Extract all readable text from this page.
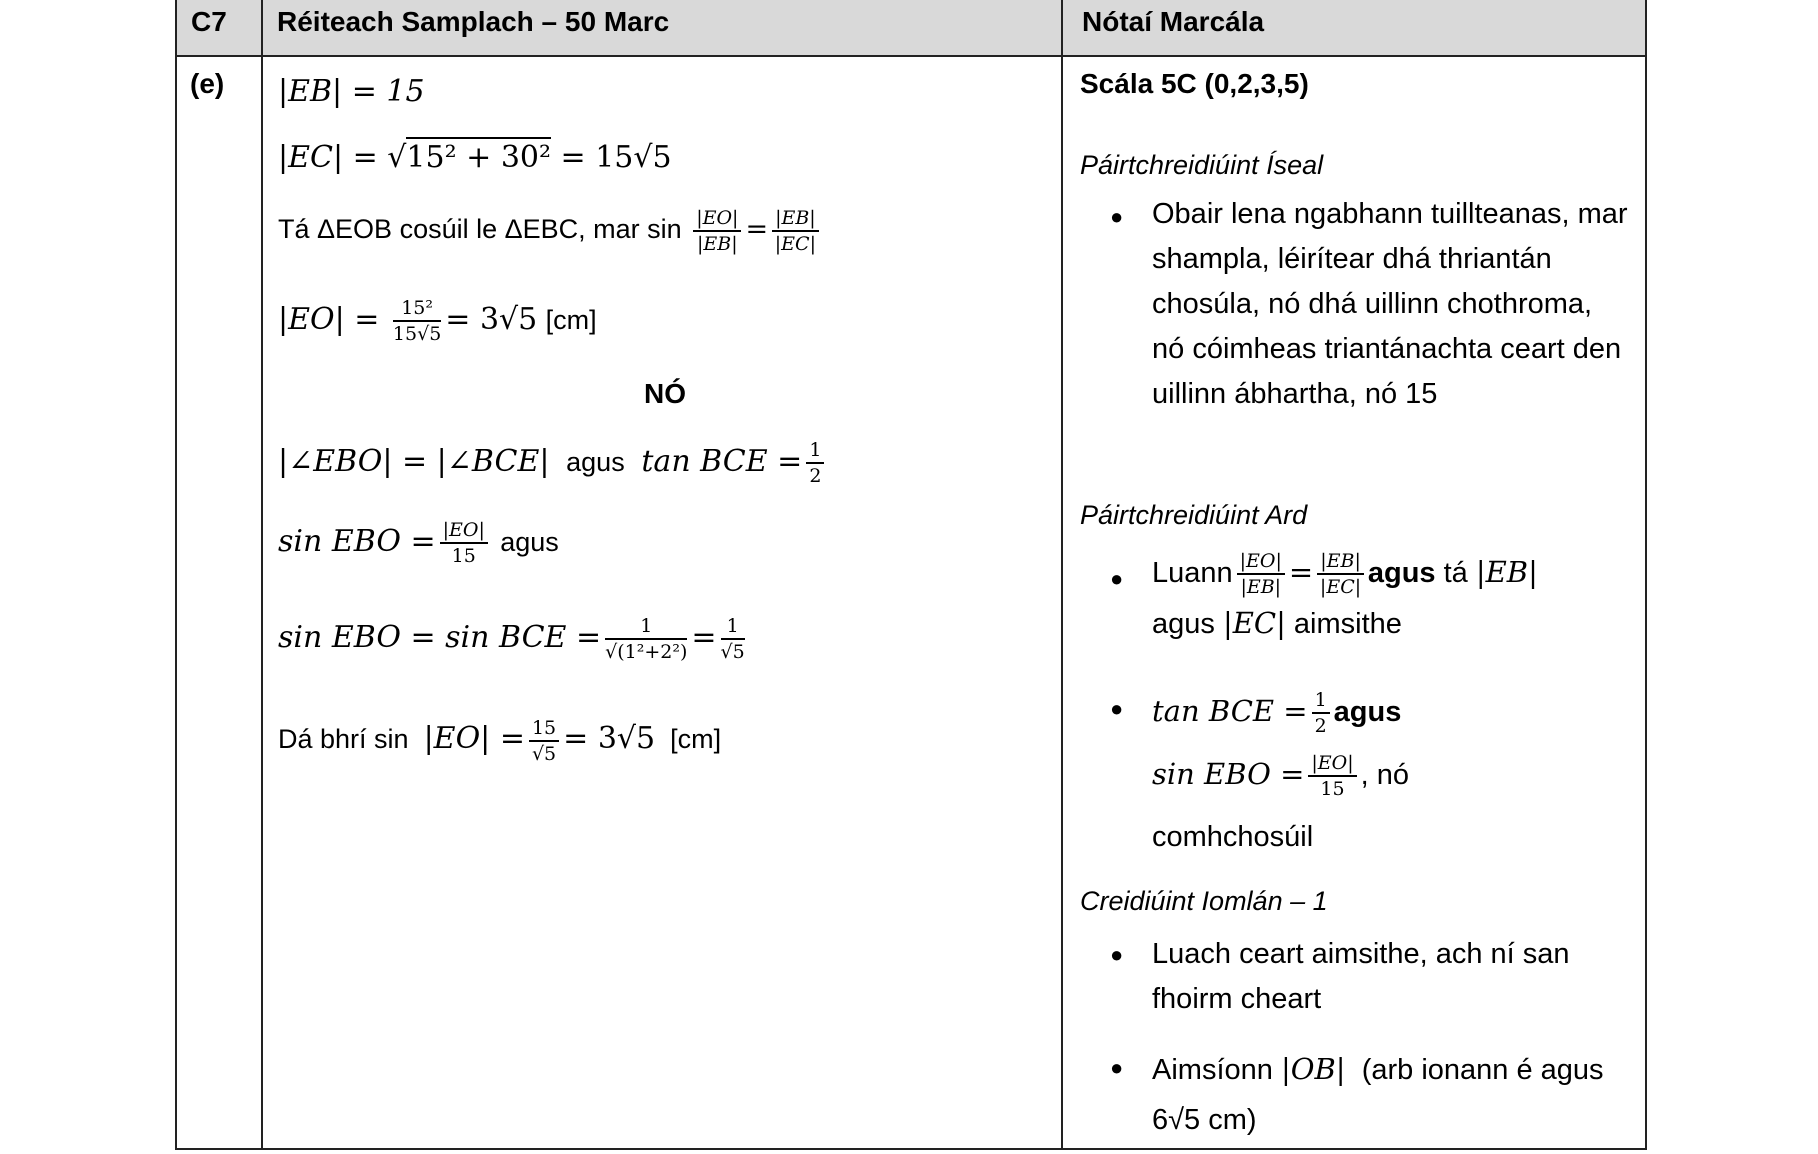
C7 Réiteach Samplach – 50 Marc	Nótaí Marcála
(e) |EB| = 15
|EC| = √15² + 30² = 15√5
Tá ΔEOB cosúil le ΔEBC, mar $\sin \frac{|EO|}{|EB|} = \frac{|EB|}{|EC|}$
$|EO| = \frac{\text{15²}}{15√5} = 3√5$ [cm]
NÓ
|∠EBO| = |∠BCE| agus tan BCE = $\frac{1}{2}$
sin EBO = $\frac{|EO|}{15}$ agus
sin EBO = sin BCE = $\frac{1}{\text{√(1²+2²)}} = \frac{1}{√5}$
Dá bhrí $\sin |EO| = \frac{15}{√5} = 3√5$ [cm]
Scála 5C (0,2,3,5)
Páirtchreidiúint Íseal
● Obair lena ngabhann tuillteanas, mar shampla, léirítear dhá thriantán chosúla, nó dhá uillinn chothroma, nó cóimheas triantánachta ceart den uillinn ábhartha, nó 15
Páirtchreidiúint Ard
● Luann $\frac{|EO|}{|EB|} = \frac{|EB|}{|EC|}$ agus tá |EB|
agus |EC| aimsithe
● tan BCE = $\frac{1}{2}$ agus
sin EBO = $\frac{|EO|}{15}$ , nó
comhchosúil
Creidiúint Iomlán – 1
● Luach ceart aimsithe, ach ní san fhoirm cheart
● Aimsíonn |OB| (arb ionann é agus 6√5 cm)
